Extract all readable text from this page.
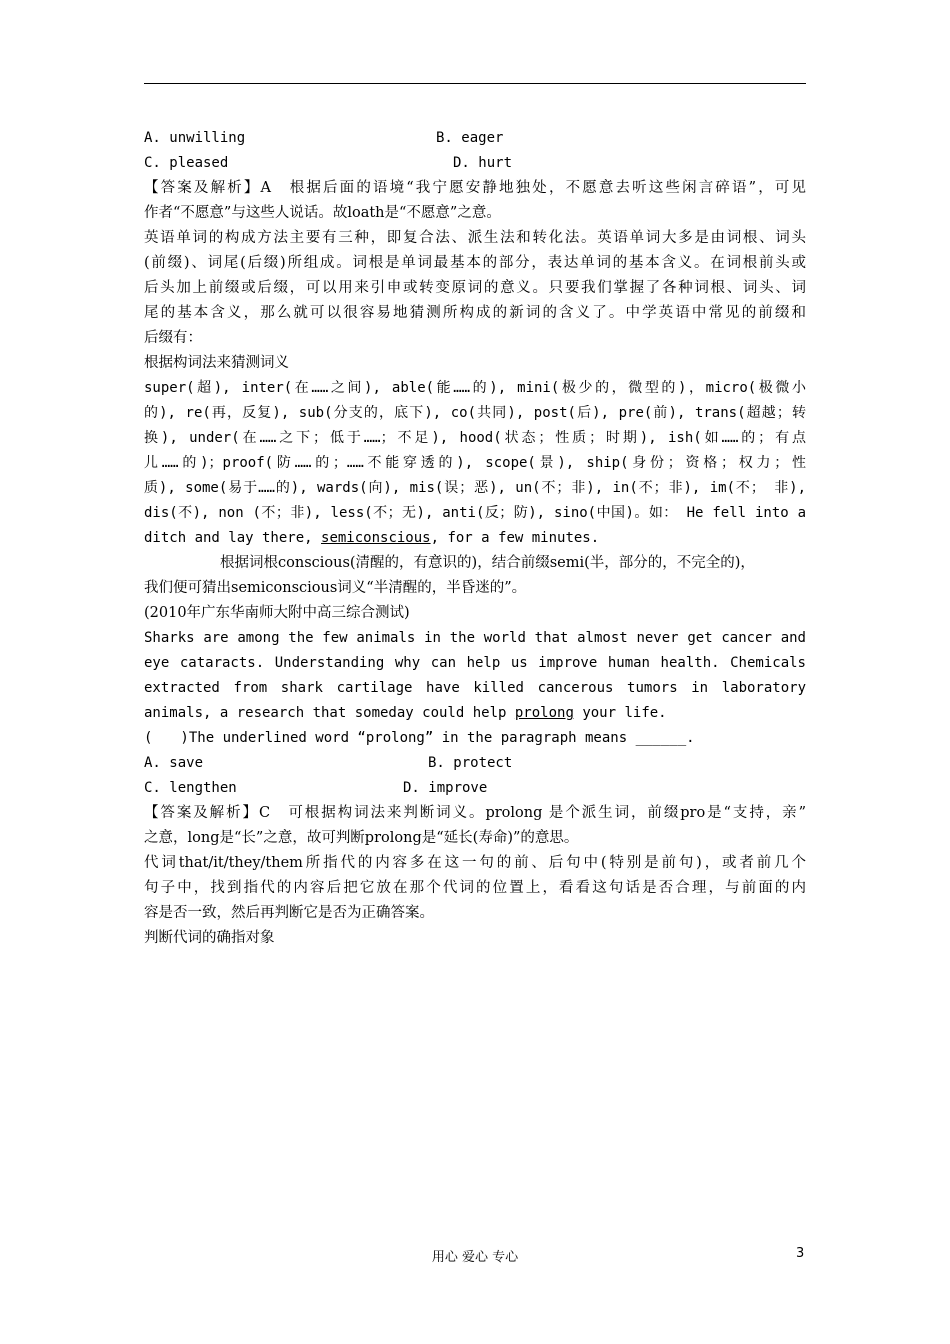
A. unwilling	B. eager
C. pleased	D. hurt
【答案及解析】A　根据后面的语境“我宁愿安静地独处，不愿意去听这些闲言碎语”，可见
作者“不愿意”与这些人说话。故loath是“不愿意”之意。
英语单词的构成方法主要有三种，即复合法、派生法和转化法。英语单词大多是由词根、词头
(前缀)、词尾(后缀)所组成。词根是单词最基本的部分，表达单词的基本含义。在词根前头或
后头加上前缀或后缀，可以用来引申或转变原词的意义。只要我们掌握了各种词根、词头、词
尾的基本含义，那么就可以很容易地猜测所构成的新词的含义了。中学英语中常见的前缀和
后缀有：
根据构词法来猜测词义
super(超), inter(在……之间), able(能……的), mini(极少的，微型的)，micro(极微小
的), re(再，反复), sub(分支的，底下), co(共同), post(后), pre(前), trans(超越；转
换), under(在……之下；低于……；不足), hood(状态；性质；时期), ish(如……的；有点
儿……的)；proof(防……的；……不能穿透的), scope(景), ship(身份；资格；权力；性
质), some(易于……的), wards(向), mis(误；恶), un(不；非), in(不；非), im(不； 非),
dis(不), non (不；非), less(不；无), anti(反；防), sino(中国)。如： He fell into a
ditch and lay there, semiconscious, for a few minutes.
根据词根conscious(清醒的，有意识的)，结合前缀semi(半，部分的，不完全的)，
我们便可猜出semiconscious词义“半清醒的，半昏迷的”。
(2010年广东华南师大附中高三综合测试)
Sharks are among the few animals in the world that almost never get cancer and
eye cataracts. Understanding why can help us improve human health. Chemicals
extracted from shark cartilage have killed cancerous tumors in laboratory
animals, a research that someday could help prolong your life.
(　　)The underlined word “prolong” in the paragraph means ______.
A. save	B. protect
C. lengthen	D. improve
【答案及解析】C　可根据构词法来判断词义。prolong 是个派生词，前缀pro是“支持，亲”
之意，long是“长”之意，故可判断prolong是“延长(寿命)”的意思。
代词that/it/they/them所指代的内容多在这一句的前、后句中(特别是前句)，或者前几个
句子中，找到指代的内容后把它放在那个代词的位置上，看看这句话是否合理，与前面的内
容是否一致，然后再判断它是否为正确答案。
判断代词的确指对象
用心 爱心 专心	3
